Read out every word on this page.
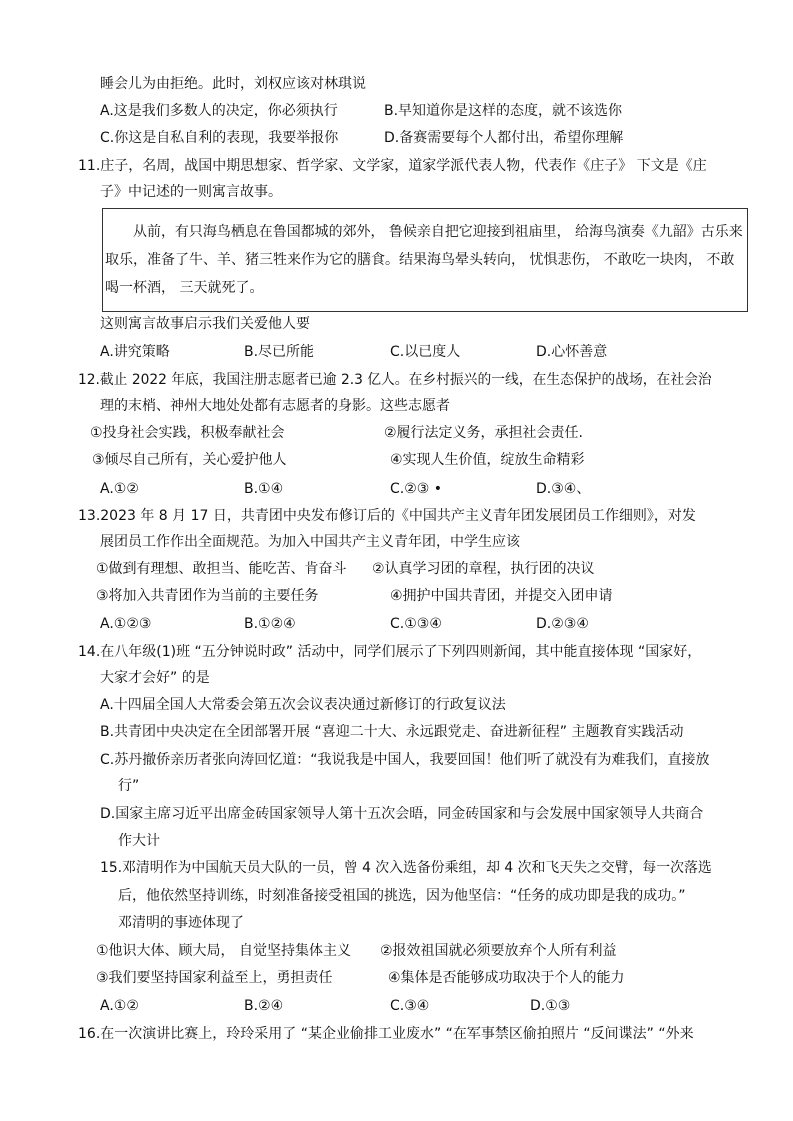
睡会儿为由拒绝。此时，刘权应该对林琪说
A.这是我们多数人的决定，你必须执行	B.早知道你是这样的态度，就不该选你
C.你这是自私自利的表现，我要举报你	D.备赛需要每个人都付出，希望你理解
11.庄子，名周，战国中期思想家、哲学家、文学家，道家学派代表人物，代表作《庄子》 下文是《庄
子》中记述的一则寓言故事。
从前，有只海鸟栖息在鲁国都城的郊外， 鲁候亲自把它迎接到祖庙里， 给海鸟演奏《九韶》古乐来
取乐，准备了牛、羊、猪三牲来作为它的膳食。结果海鸟晕头转向， 忧惧悲伤， 不敢吃一块肉， 不敢
喝一杯酒， 三天就死了。
这则寓言故事启示我们关爱他人要
A.讲究策略	B.尽已所能	C.以已度人	D.心怀善意
12.截止 2022 年底，我国注册志愿者已逾 2.3 亿人。在乡村振兴的一线，在生态保护的战场，在社会治
理的末梢、神州大地处处都有志愿者的身影。这些志愿者
①投身社会实践，积极奉献社会	②履行法定义务，承担社会责任.
③倾尽自己所有，关心爱护他人	④实现人生价值，绽放生命精彩
A.①②	B.①④	C.②③ •	D.③④、
13.2023 年 8 月 17 日，共青团中央发布修订后的《中国共产主义青年团发展团员工作细则》，对发
展团员工作作出全面规范。为加入中国共产主义青年团，中学生应该
①做到有理想、敢担当、能吃苦、肯奋斗 ②认真学习团的章程，执行团的决议
③将加入共青团作为当前的主要任务	④拥护中国共青团，并提交入团申请
A.①②③	B.①②④	C.①③④	D.②③④
14.在八年级(1)班 “五分钟说时政” 活动中，同学们展示了下列四则新闻，其中能直接体现 “国家好，
大家才会好” 的是
A.十四届全国人大常委会第五次会议表决通过新修订的行政复议法
B.共青团中央决定在全团部署开展 “喜迎二十大、永远跟党走、奋进新征程” 主题教育实践活动
C.苏丹撤侨亲历者张向涛回忆道：“我说我是中国人，我要回国！他们听了就没有为难我们，直接放
行”
D.国家主席习近平出席金砖国家领导人第十五次会晤，同金砖国家和与会发展中国家领导人共商合
作大计
15.邓清明作为中国航天员大队的一员，曾 4 次入选备份乘组，却 4 次和飞天失之交臂，每一次落选
后，他依然坚持训练，时刻准备接受祖国的挑选，因为他坚信：“任务的成功即是我的成功。”
邓清明的事迹体现了
①他识大体、顾大局， 自觉坚持集体主义 ②报效祖国就必须要放弃个人所有利益
③我们要坚持国家利益至上，勇担责任	④集体是否能够成功取决于个人的能力
A.①②	B.②④	C.③④	D.①③
16.在一次演讲比赛上，玲玲采用了 “某企业偷排工业废水” “在军事禁区偷拍照片 “反间谍法” “外来
